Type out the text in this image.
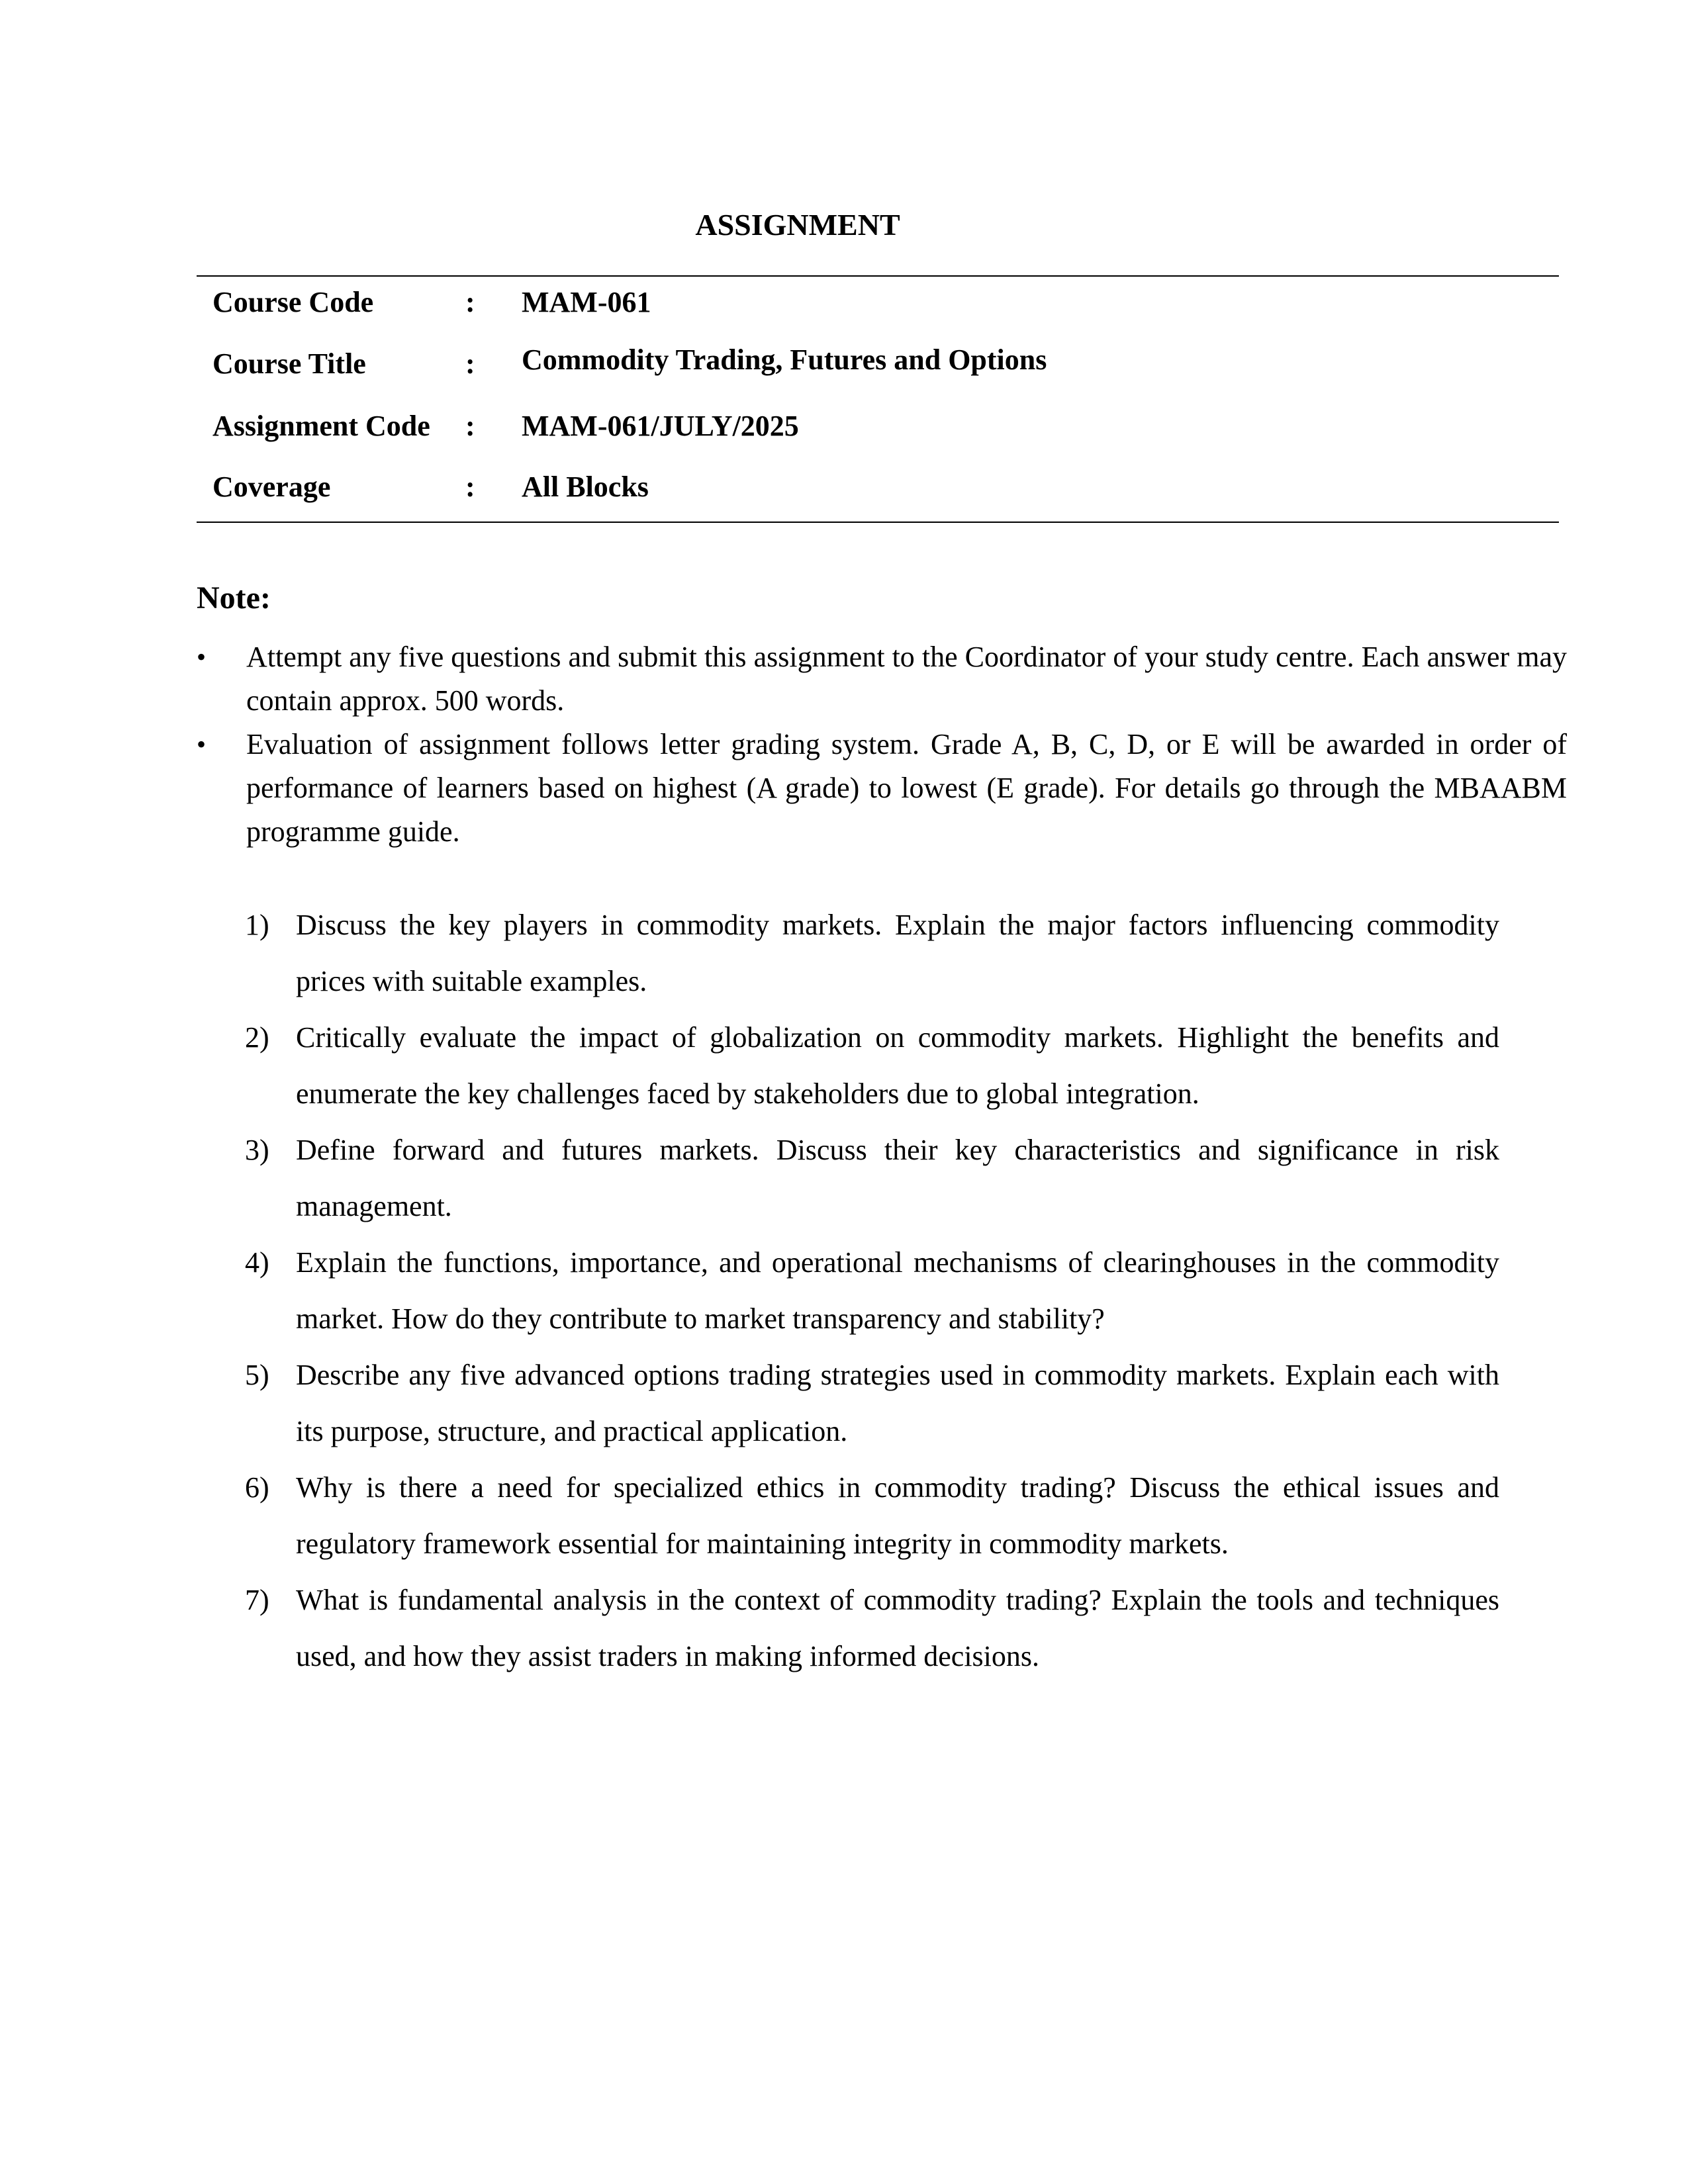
ASSIGNMENT
Course Code	: MAM-061
Course Title	: Commodity Trading, Futures and Options
Assignment Code : MAM-061/JULY/2025
Coverage	: All Blocks
Note:
• Attempt any five questions and submit this assignment to the Coordinator of your study centre. Each answer may contain approx. 500 words.
• Evaluation of assignment follows letter grading system. Grade A, B, C, D, or E will be awarded in order of performance of learners based on highest (A grade) to lowest (E grade). For details go through the MBAABM programme guide.
1) Discuss the key players in commodity markets. Explain the major factors influencing commodity prices with suitable examples.
2) Critically evaluate the impact of globalization on commodity markets. Highlight the benefits and enumerate the key challenges faced by stakeholders due to global integration.
3) Define forward and futures markets. Discuss their key characteristics and significance in risk management.
4) Explain the functions, importance, and operational mechanisms of clearinghouses in the commodity market. How do they contribute to market transparency and stability?
5) Describe any five advanced options trading strategies used in commodity markets. Explain each with its purpose, structure, and practical application.
6) Why is there a need for specialized ethics in commodity trading? Discuss the ethical issues and regulatory framework essential for maintaining integrity in commodity markets.
7) What is fundamental analysis in the context of commodity trading? Explain the tools and techniques used, and how they assist traders in making informed decisions.
